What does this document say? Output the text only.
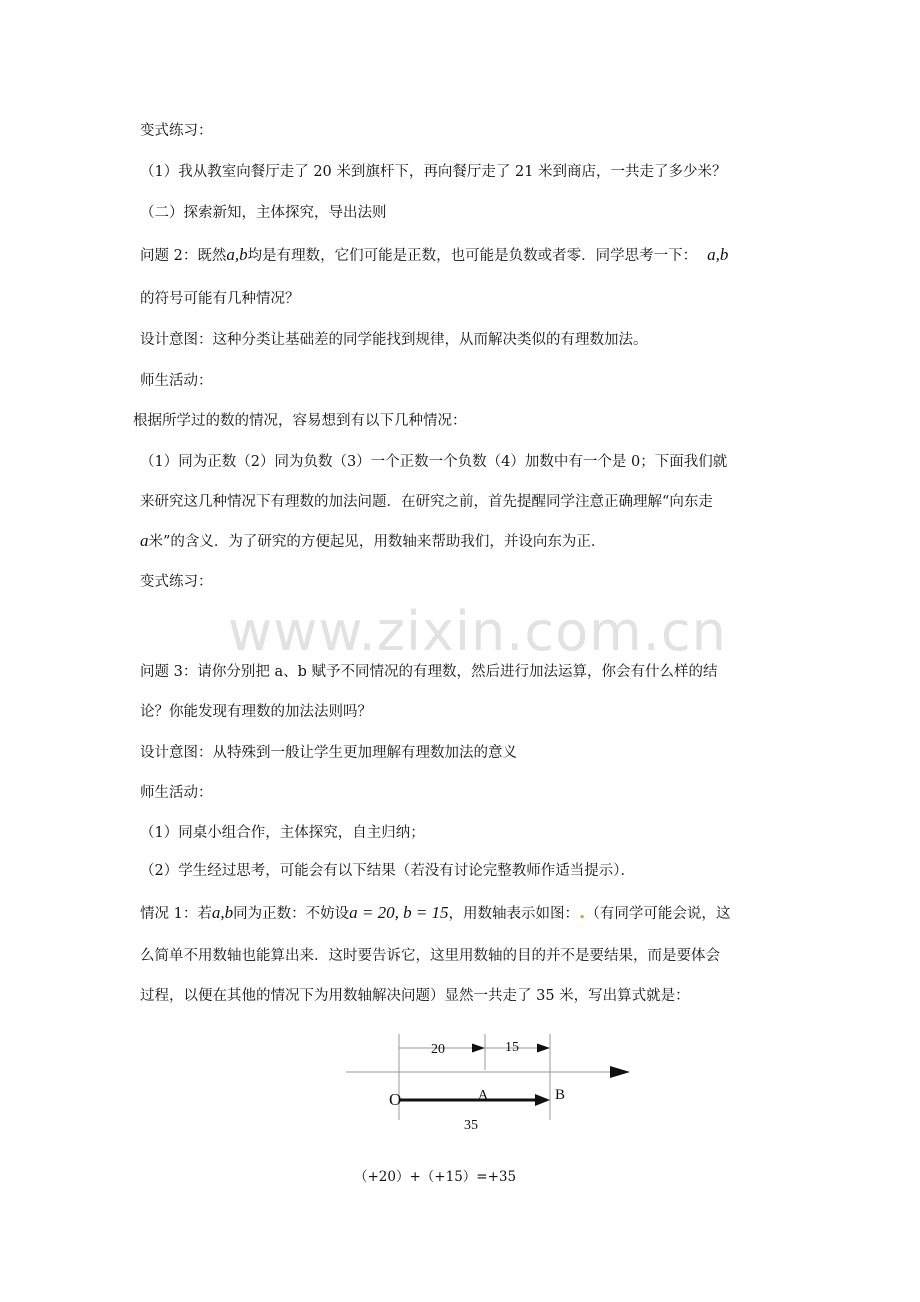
www.zixin.com.cn
变式练习：
（1）我从教室向餐厅走了 20 米到旗杆下，再向餐厅走了 21 米到商店，一共走了多少米？
（二）探索新知，主体探究，导出法则
问题 2：既然a,b均是有理数，它们可能是正数，也可能是负数或者零．同学思考一下： a,b
的符号可能有几种情况？
设计意图：这种分类让基础差的同学能找到规律，从而解决类似的有理数加法。
师生活动：
根据所学过的数的情况，容易想到有以下几种情况：
（1）同为正数（2）同为负数（3）一个正数一个负数（4）加数中有一个是 0；下面我们就
来研究这几种情况下有理数的加法问题．在研究之前，首先提醒同学注意正确理解“向东走
a米”的含义．为了研究的方便起见，用数轴来帮助我们，并设向东为正．
变式练习：
问题 3：请你分别把 a、b 赋予不同情况的有理数，然后进行加法运算，你会有什么样的结
论？你能发现有理数的加法法则吗？
设计意图：从特殊到一般让学生更加理解有理数加法的意义
师生活动：
（1）同桌小组合作，主体探究，自主归纳；
（2）学生经过思考，可能会有以下结果（若没有讨论完整教师作适当提示）．
情况 1：若a,b同为正数：不妨设a = 20, b = 15，用数轴表示如图：.（有同学可能会说，这
么简单不用数轴也能算出来．这时要告诉它，这里用数轴的目的并不是要结果，而是要体会
过程，以便在其他的情况下为用数轴解决问题）显然一共走了 35 米，写出算式就是：
20	15
O	A	B
35
（+20）+（+15）=+35
